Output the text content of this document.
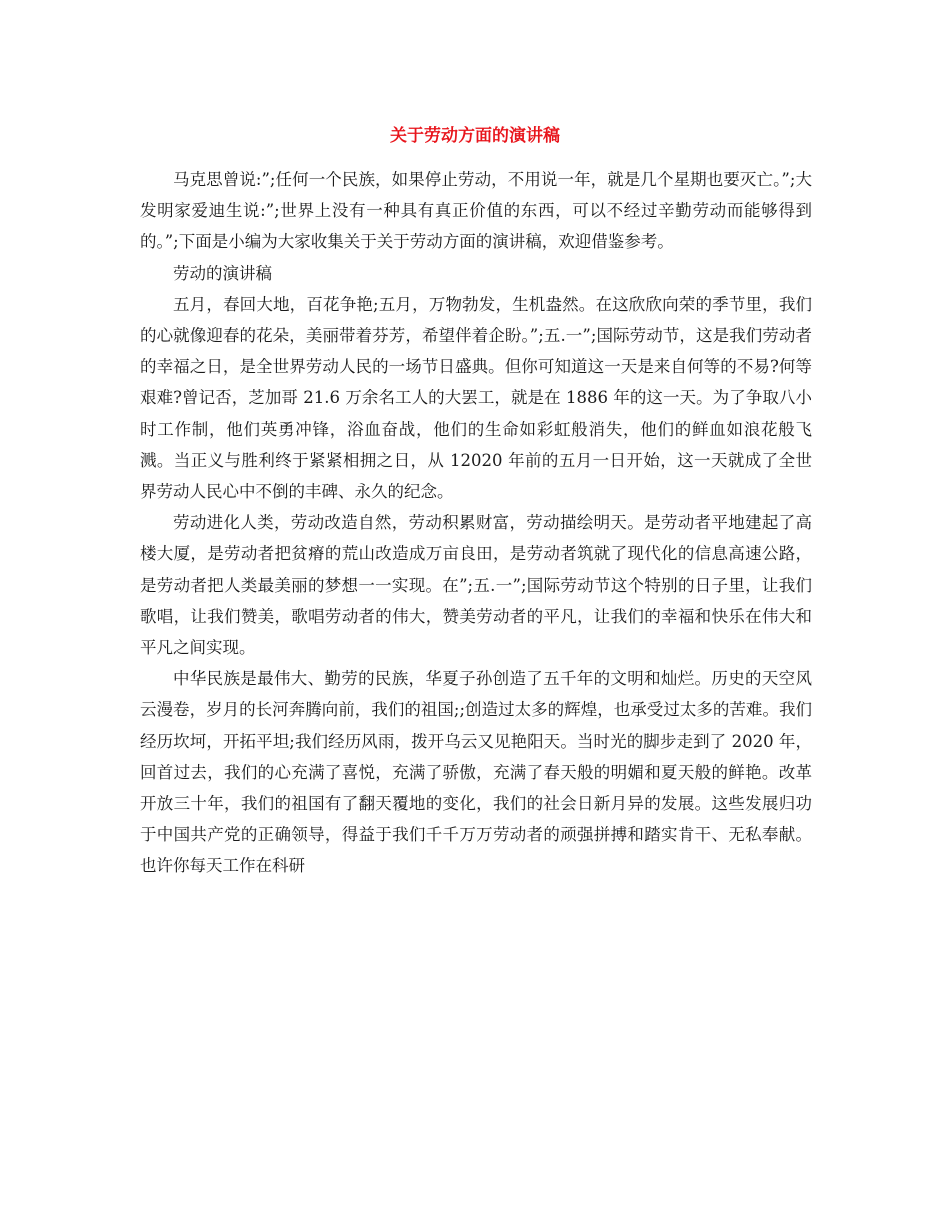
关于劳动方面的演讲稿

马克思曾说:”;任何一个民族，如果停止劳动，不用说一年，就是几个星期也要灭亡。”;大发明家爱迪生说:”;世界上没有一种具有真正价值的东西，可以不经过辛勤劳动而能够得到的。”;下面是小编为大家收集关于关于劳动方面的演讲稿，欢迎借鉴参考。

劳动的演讲稿

五月，春回大地，百花争艳;五月，万物勃发，生机盎然。在这欣欣向荣的季节里，我们的心就像迎春的花朵，美丽带着芬芳，希望伴着企盼。”;五.一”;国际劳动节，这是我们劳动者的幸福之日，是全世界劳动人民的一场节日盛典。但你可知道这一天是来自何等的不易?何等艰难?曾记否，芝加哥 21.6 万余名工人的大罢工，就是在 1886 年的这一天。为了争取八小时工作制，他们英勇冲锋，浴血奋战，他们的生命如彩虹般消失，他们的鲜血如浪花般飞溅。当正义与胜利终于紧紧相拥之日，从 12020 年前的五月一日开始，这一天就成了全世界劳动人民心中不倒的丰碑、永久的纪念。

劳动进化人类，劳动改造自然，劳动积累财富，劳动描绘明天。是劳动者平地建起了高楼大厦，是劳动者把贫瘠的荒山改造成万亩良田，是劳动者筑就了现代化的信息高速公路，是劳动者把人类最美丽的梦想一一实现。在”;五.一”;国际劳动节这个特别的日子里，让我们歌唱，让我们赞美，歌唱劳动者的伟大，赞美劳动者的平凡，让我们的幸福和快乐在伟大和平凡之间实现。

中华民族是最伟大、勤劳的民族，华夏子孙创造了五千年的文明和灿烂。历史的天空风云漫卷，岁月的长河奔腾向前，我们的祖国;;创造过太多的辉煌，也承受过太多的苦难。我们经历坎坷，开拓平坦;我们经历风雨，拨开乌云又见艳阳天。当时光的脚步走到了 2020 年，回首过去，我们的心充满了喜悦，充满了骄傲，充满了春天般的明媚和夏天般的鲜艳。改革开放三十年，我们的祖国有了翻天覆地的变化，我们的社会日新月异的发展。这些发展归功于中国共产党的正确领导，得益于我们千千万万劳动者的顽强拼搏和踏实肯干、无私奉献。也许你每天工作在科研
